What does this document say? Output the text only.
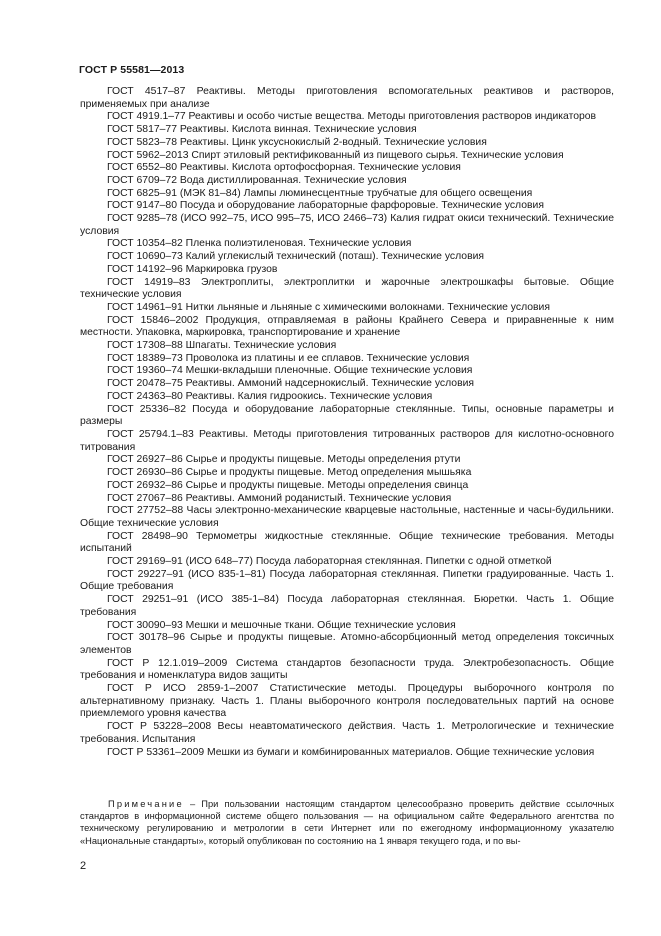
ГОСТ Р 55581—2013

ГОСТ 4517–87 Реактивы. Методы приготовления вспомогательных реактивов и растворов, применяемых при анализе

ГОСТ 4919.1–77 Реактивы и особо чистые вещества. Методы приготовления растворов индикаторов

ГОСТ 5817–77 Реактивы. Кислота винная. Технические условия

ГОСТ 5823–78 Реактивы. Цинк уксуснокислый 2-водный. Технические условия

ГОСТ 5962–2013 Спирт этиловый ректификованный из пищевого сырья. Технические условия

ГОСТ 6552–80 Реактивы. Кислота ортофосфорная. Технические условия

ГОСТ 6709–72 Вода дистиллированная. Технические условия

ГОСТ 6825–91 (МЭК 81–84) Лампы люминесцентные трубчатые для общего освещения

ГОСТ 9147–80 Посуда и оборудование лабораторные фарфоровые. Технические условия

ГОСТ 9285–78 (ИСО 992–75, ИСО 995–75, ИСО 2466–73) Калия гидрат окиси технический. Технические условия

ГОСТ 10354–82 Пленка полиэтиленовая. Технические условия

ГОСТ 10690–73 Калий углекислый технический (поташ). Технические условия

ГОСТ 14192–96 Маркировка грузов

ГОСТ 14919–83 Электроплиты, электроплитки и жарочные электрошкафы бытовые. Общие технические условия

ГОСТ 14961–91 Нитки льняные и льняные с химическими волокнами. Технические условия

ГОСТ 15846–2002 Продукция, отправляемая в районы Крайнего Севера и приравненные к ним местности. Упаковка, маркировка, транспортирование и хранение

ГОСТ 17308–88 Шпагаты. Технические условия

ГОСТ 18389–73 Проволока из платины и ее сплавов. Технические условия

ГОСТ 19360–74 Мешки-вкладыши пленочные. Общие технические условия

ГОСТ 20478–75 Реактивы. Аммоний надсернокислый. Технические условия

ГОСТ 24363–80 Реактивы. Калия гидроокись. Технические условия

ГОСТ 25336–82 Посуда и оборудование лабораторные стеклянные. Типы, основные параметры и размеры

ГОСТ 25794.1–83 Реактивы. Методы приготовления титрованных растворов для кислотно-основного титрования

ГОСТ 26927–86 Сырье и продукты пищевые. Методы определения ртути

ГОСТ 26930–86 Сырье и продукты пищевые. Метод определения мышьяка

ГОСТ 26932–86 Сырье и продукты пищевые. Методы определения свинца

ГОСТ 27067–86 Реактивы. Аммоний роданистый. Технические условия

ГОСТ 27752–88 Часы электронно-механические кварцевые настольные, настенные и часы-будильники. Общие технические условия

ГОСТ 28498–90 Термометры жидкостные стеклянные. Общие технические требования. Методы испытаний

ГОСТ 29169–91 (ИСО 648–77) Посуда лабораторная стеклянная. Пипетки с одной отметкой

ГОСТ 29227–91 (ИСО 835-1–81) Посуда лабораторная стеклянная. Пипетки градуированные. Часть 1. Общие требования

ГОСТ 29251–91 (ИСО 385-1–84) Посуда лабораторная стеклянная. Бюретки. Часть 1. Общие требования

ГОСТ 30090–93 Мешки и мешочные ткани. Общие технические условия

ГОСТ 30178–96 Сырье и продукты пищевые. Атомно-абсорбционный метод определения токсичных элементов

ГОСТ Р 12.1.019–2009 Система стандартов безопасности труда. Электробезопасность. Общие требования и номенклатура видов защиты

ГОСТ Р ИСО 2859-1–2007 Статистические методы. Процедуры выборочного контроля по альтернативному признаку. Часть 1. Планы выборочного контроля последовательных партий на основе приемлемого уровня качества

ГОСТ Р 53228–2008 Весы неавтоматического действия. Часть 1. Метрологические и технические требования. Испытания

ГОСТ Р 53361–2009 Мешки из бумаги и комбинированных материалов. Общие технические условия

Примечание – При пользовании настоящим стандартом целесообразно проверить действие ссылочных стандартов в информационной системе общего пользования — на официальном сайте Федерального агентства по техническому регулированию и метрологии в сети Интернет или по ежегодному информационному указателю «Национальные стандарты», который опубликован по состоянию на 1 января текущего года, и по вы-

2
